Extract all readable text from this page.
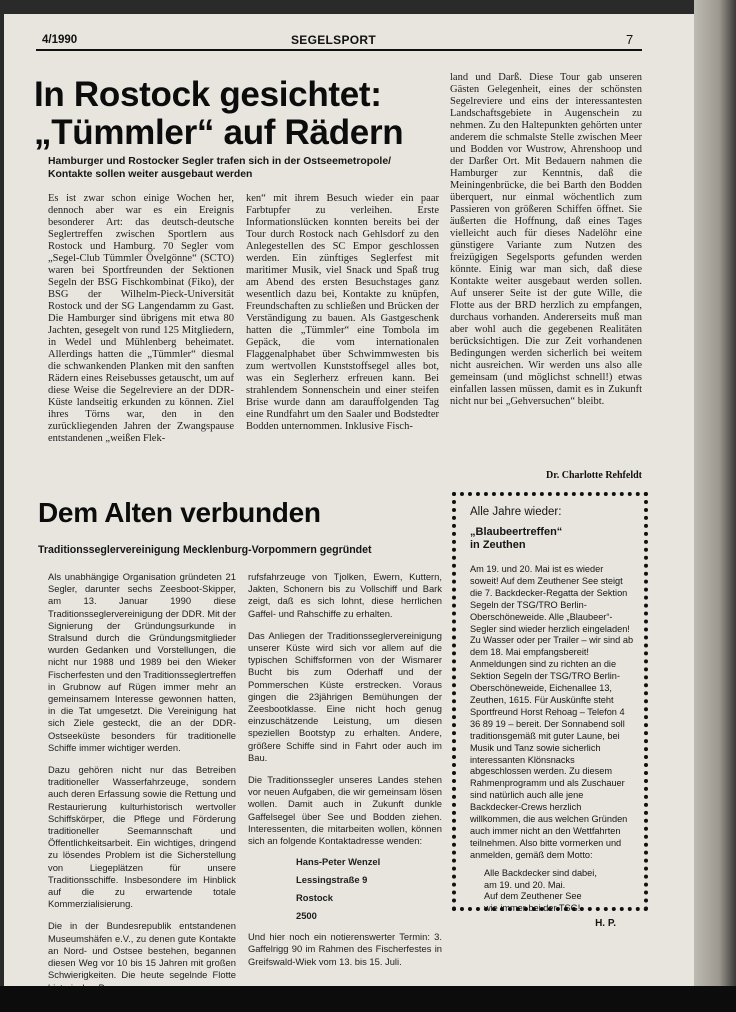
4/1990	SEGELSPORT	7
In Rostock gesichtet:
„Tümmler“ auf Rädern
Hamburger und Rostocker Segler trafen sich in der Ostseemetropole/
Kontakte sollen weiter ausgebaut werden

Es ist zwar schon einige Wochen her, dennoch aber war es ein Ereignis besonderer Art: das deutsch-deutsche Seglertreffen zwischen Sportlern aus Rostock und Hamburg. 70 Segler vom „Segel-Club Tümmler Övelgönne“ (SCTO) waren bei Sportfreunden der Sektionen Segeln der BSG Fischkombinat (Fiko), der BSG der Wilhelm-Pieck-Universität Rostock und der SG Langendamm zu Gast. Die Hamburger sind übrigens mit etwa 80 Jachten, gesegelt von rund 125 Mitgliedern, in Wedel und Mühlenberg beheimatet. Allerdings hatten die „Tümmler“ diesmal die schwankenden Planken mit den sanften Rädern eines Reisebusses getauscht, um auf diese Weise die Segelreviere an der DDR-Küste landseitig erkunden zu können. Ziel ihres Törns war, den in den zurückliegenden Jahren der Zwangspause entstandenen „weißen Flek-

ken“ mit ihrem Besuch wieder ein paar Farbtupfer zu verleihen. Erste Informationslücken konnten bereits bei der Tour durch Rostock nach Gehlsdorf zu den Anlegestellen des SC Empor geschlossen werden. Ein zünftiges Seglerfest mit maritimer Musik, viel Snack und Spaß trug am Abend des ersten Besuchstages ganz wesentlich dazu bei, Kontakte zu knüpfen, Freundschaften zu schließen und Brücken der Verständigung zu bauen. Als Gastgeschenk hatten die „Tümmler“ eine Tombola im Gepäck, die vom internationalen Flaggenalphabet über Schwimmwesten bis zum wertvollen Kunststoffsegel alles bot, was ein Seglerherz erfreuen kann. Bei strahlendem Sonnenschein und einer steifen Brise wurde dann am darauffolgenden Tag eine Rundfahrt um den Saaler und Bodstedter Bodden unternommen. Inklusive Fisch-

land und Darß. Diese Tour gab unseren Gästen Gelegenheit, eines der schönsten Segelreviere und eins der interessantesten Landschaftsgebiete in Augenschein zu nehmen. Zu den Haltepunkten gehörten unter anderem die schmalste Stelle zwischen Meer und Bodden vor Wustrow, Ahrenshoop und der Darßer Ort. Mit Bedauern nahmen die Hamburger zur Kenntnis, daß die Meiningenbrücke, die bei Barth den Bodden überquert, nur einmal wöchentlich zum Passieren von größeren Schiffen öffnet. Sie äußerten die Hoffnung, daß eines Tages vielleicht auch für dieses Nadelöhr eine günstigere Variante zum Nutzen des freizügigen Segelsports gefunden werden könnte. Einig war man sich, daß diese Kontakte weiter ausgebaut werden sollen. Auf unserer Seite ist der gute Wille, die Flotte aus der BRD herzlich zu empfangen, durchaus vorhanden. Andererseits muß man aber wohl auch die gegebenen Realitäten berücksichtigen. Die zur Zeit vorhandenen Bedingungen werden sicherlich bei weitem nicht ausreichen. Wir werden uns also alle gemeinsam (und möglichst schnell!) etwas einfallen lassen müssen, damit es in Zukunft nicht nur bei „Gehversuchen“ bleibt.

Dr. Charlotte Rehfeldt
Dem Alten verbunden
Traditionsseglervereinigung Mecklenburg-Vorpommern gegründet

Als unabhängige Organisation gründeten 21 Segler, darunter sechs Zeesboot-Skipper, am 13. Januar 1990 diese Traditionsseglervereinigung der DDR. Mit der Signierung der Gründungsurkunde in Stralsund durch die Gründungsmitglieder wurden Gedanken und Vorstellungen, die nicht nur 1988 und 1989 bei den Wieker Fischerfesten und den Traditionsseglertreffen in Grubnow auf Rügen immer mehr an gemeinsamem Interesse gewonnen hatten, in die Tat umgesetzt. Die Vereinigung hat sich Ziele gesteckt, die an der DDR-Ostseeküste besonders für traditionelle Schiffe immer wichtiger werden.

Dazu gehören nicht nur das Betreiben traditioneller Wasserfahrzeuge, sondern auch deren Erfassung sowie die Rettung und Restaurierung kulturhistorisch wertvoller Schiffskörper, die Pflege und Förderung traditioneller Seemannschaft und Öffentlichkeitsarbeit. Ein wichtiges, dringend zu lösendes Problem ist die Sicherstellung von Liegeplätzen für unsere Traditionsschiffe. Insbesondere im Hinblick auf die zu erwartende totale Kommerzialisierung.

Die in der Bundesrepublik entstandenen Museumshäfen e.V., zu denen gute Kontakte an Nord- und Ostsee bestehen, begannen diesen Weg vor 10 bis 15 Jahren mit großen Schwierigkeiten. Die heute segelnde Flotte

rufsfahrzeuge von Tjolken, Ewern, Kuttern, Jakten, Schonern bis zu Vollschiff und Bark zeigt, daß es sich lohnt, diese herrlichen Gaffel- und Rahschiffe zu erhalten.

Das Anliegen der Traditionsseglervereinigung unserer Küste wird sich vor allem auf die typischen Schiffsformen von der Wismarer Bucht bis zum Oderhaff und der Pommerschen Küste erstrecken. Voraus gingen die 23jährigen Bemühungen der Zeesbootklasse. Eine nicht hoch genug einzuschätzende Leistung, um diesen speziellen Bootstyp zu erhalten. Andere, größere Schiffe sind in Fahrt oder auch im Bau.

Die Traditionssegler unseres Landes stehen vor neuen Aufgaben, die wir gemeinsam lösen wollen. Damit auch in Zukunft dunkle Gaffelsegel über See und Bodden ziehen. Interessenten, die mitarbeiten wollen, können sich an folgende Kontaktadresse wenden:

Hans-Peter Wenzel
Lessingstraße 9
Rostock
2500

Und hier noch ein notierenswerter Termin: 3. Gaffelrigg 90 im Rahmen des Fischerfestes in Greifswald-Wiek vom 13. bis 15. Juli.

Alle Jahre wieder:
„Blaubeertreffen“
in Zeuthen
Am 19. und 20. Mai ist es wieder soweit! Auf dem Zeuthener See steigt die 7. Backdecker-Regatta der Sektion Segeln der TSG/TRO Berlin-Oberschöneweide. Alle „Blaubeer“-Segler sind wieder herzlich eingeladen! Zu Wasser oder per Trailer – wir sind ab dem 18. Mai empfangsbereit! Anmeldungen sind zu richten an die Sektion Segeln der TSG/TRO Berlin-Oberschöneweide, Eichenallee 13, Zeuthen, 1615. Für Auskünfte steht Sportfreund Horst Rehoag – Telefon 4 36 89 19 – bereit. Der Sonnabend soll traditionsgemäß mit guter Laune, bei Musik und Tanz sowie sicherlich interessanten Klönsnacks abgeschlossen werden. Zu diesem Rahmenprogramm und als Zuschauer sind natürlich auch alle jene Backdecker-Crews herzlich willkommen, die aus welchen Gründen auch immer nicht an den Wettfahrten teilnehmen. Also bitte vormerken und anmelden, gemäß dem Motto:
Alle Backdecker sind dabei,
am 19. und 20. Mai.
Auf dem Zeuthener See
wie immer bei der TSG!
H. P.
